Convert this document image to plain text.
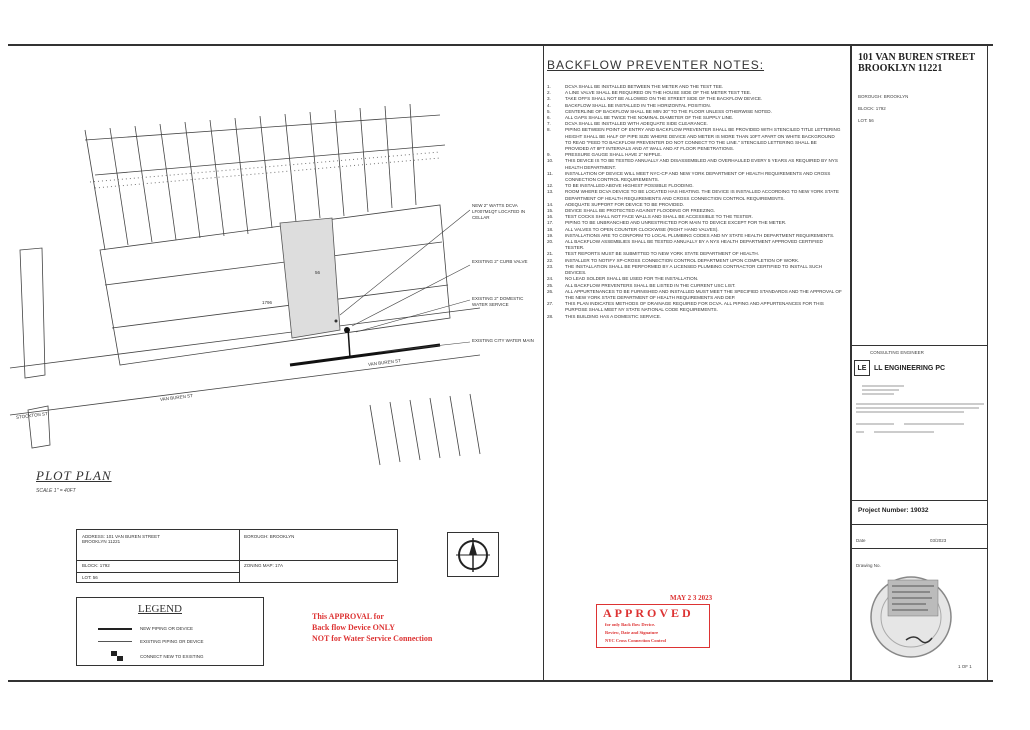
56
1796
VAN BUREN ST
VAN BUREN ST
STOCKTON ST
NEW 2" WATTS DCVA LF007M1QT LOCATED IN CELLAR
EXISTING 2" CURB VALVE
EXISTING 2" DOMESTIC WATER SERVICE
EXISTING CITY WATER MAIN
PLOT PLAN
SCALE 1" = 40FT
ADDRESS: 101 VAN BUREN STREET BROOKLYN 11221
BOROUGH: BROOKLYN
BLOCK: 1792	ZONING MAP: 17A
LOT: 56
LEGEND
NEW PIPING OR DEVICE
EXISTING PIPING OR DEVICE
CONNECT NEW TO EXISTING
This APPROVAL for
Back flow Device ONLY
NOT for Water Service Connection
BACKFLOW PREVENTER NOTES:
1.	DCVA SHALL BE INSTALLED BETWEEN THE METER AND THE TEST TEE.
2.	A LINE VALVE SHALL BE REQUIRED ON THE HOUSE SIDE OF THE METER TEST TEE.
3.	TAKE OFFS SHALL NOT BE ALLOWED ON THE STREET SIDE OF THE BACKFLOW DEVICE.
4.	BACKFLOW SHALL BE INSTALLED IN THE HORIZONTAL POSITION.
5.	CENTERLINE OF BACKFLOW SHALL BE MIN 30" TO THE FLOOR UNLESS OTHERWISE NOTED.
6.	ALL GAPS SHALL BE TWICE THE NOMINAL DIAMETER OF THE SUPPLY LINE.
7.	DCVA SHALL BE INSTALLED WITH ADEQUATE SIDE CLEARANCE.
8.	PIPING BETWEEN POINT OF ENTRY AND BACKFLOW PREVENTER SHALL BE PROVIDED WITH STENCILED TITLE LETTERING HEIGHT SHALL BE HALF OF PIPE SIZE WHERE DEVICE AND METER IS MORE THAN 10FT APART ON WHITE BACKGROUND TO READ "FEED TO BACKFLOW PREVENTER DO NOT CONNECT TO THE LINE." STENCILED LETTERING SHALL BE PROVIDED AT 8FT INTERVALS AND AT WALL AND AT FLOOR PENETRATIONS.
9.	PRESSURE GAUGE SHALL HAVE 2" NIPPLE.
10.	THIS DEVICE IS TO BE TESTED ANNUALLY AND DISASSEMBLED AND OVERHAULED EVERY 5 YEARS AS REQUIRED BY NYS HEALTH DEPARTMENT.
11.	INSTALLATION OF DEVICE WILL MEET NYC-CP AND NEW YORK DEPARTMENT OF HEALTH REQUIREMENTS AND CROSS CONNECTION CONTROL REQUIREMENTS.
12.	TO BE INSTALLED ABOVE HIGHEST POSSIBLE FLOODING.
13.	ROOM WHERE DCVA DEVICE TO BE LOCATED HAS HEATING. THE DEVICE IS INSTALLED ACCORDING TO NEW YORK STATE DEPARTMENT OF HEALTH REQUIREMENTS AND CROSS CONNECTION CONTROL REQUIREMENTS.
14.	ADEQUATE SUPPORT FOR DEVICE TO BE PROVIDED.
15.	DEVICE SHALL BE PROTECTED AGAINST FLOODING OR FREEZING.
16.	TEST COCKS SHALL NOT FACE WALLS AND SHALL BE ACCESSIBLE TO THE TESTER.
17.	PIPING TO BE UNBRANCHED AND UNRESTRICTED FOR MAIN TO DEVICE EXCEPT FOR THE METER.
18.	ALL VALVES TO OPEN COUNTER CLOCKWISE (RIGHT HAND VALVES).
19.	INSTALLATIONS ARE TO CONFORM TO LOCAL PLUMBING CODES AND NY STATE HEALTH DEPARTMENT REQUIREMENTS.
20.	ALL BACKFLOW ASSEMBLIES SHALL BE TESTED ANNUALLY BY A NYS HEALTH DEPARTMENT APPROVED CERTIFIED TESTER.
21.	TEST REPORTS MUST BE SUBMITTED TO NEW YORK STATE DEPARTMENT OF HEALTH.
22.	INSTALLER TO NOTIFY XP-CROSS CONNECTION CONTROL DEPARTMENT UPON COMPLETION OF WORK.
23.	THE INSTALLATION SHALL BE PERFORMED BY A LICENSED PLUMBING CONTRACTOR CERTIFIED TO INSTALL SUCH DEVICES.
24.	NO LEAD SOLDER SHALL BE USED FOR THE INSTALLATION.
25.	ALL BACKFLOW PREVENTERS SHALL BE LISTED IN THE CURRENT USC LIST.
26.	ALL APPURTENANCES TO BE FURNISHED AND INSTALLED MUST MEET THE SPECIFIED STANDARDS AND THE APPROVAL OF THE NEW YORK STATE DEPARTMENT OF HEALTH REQUIREMENTS AND DEP.
27.	THIS PLAN INDICATES METHODS OF DRAINAGE REQUIRED FOR DCVA. ALL PIPING AND APPURTENANCES FOR THIS PURPOSE SHALL MEET NY STATE NATIONAL CODE REQUIREMENTS.
28.	THIS BUILDING HAS A DOMESTIC SERVICE.
MAY 2 3 2023
APPROVED
for only Back flow Device.
Review, Date and Signature
NYC Cross Connection Control
101 VAN BUREN STREET
BROOKLYN 11221
BOROUGH: BROOKLYN
BLOCK: 1792
LOT: 56
CONSULTING ENGINEER
LE	LL ENGINEERING PC
Project Number: 19032
Date	03/2023
Drawing No.
1 OF 1
